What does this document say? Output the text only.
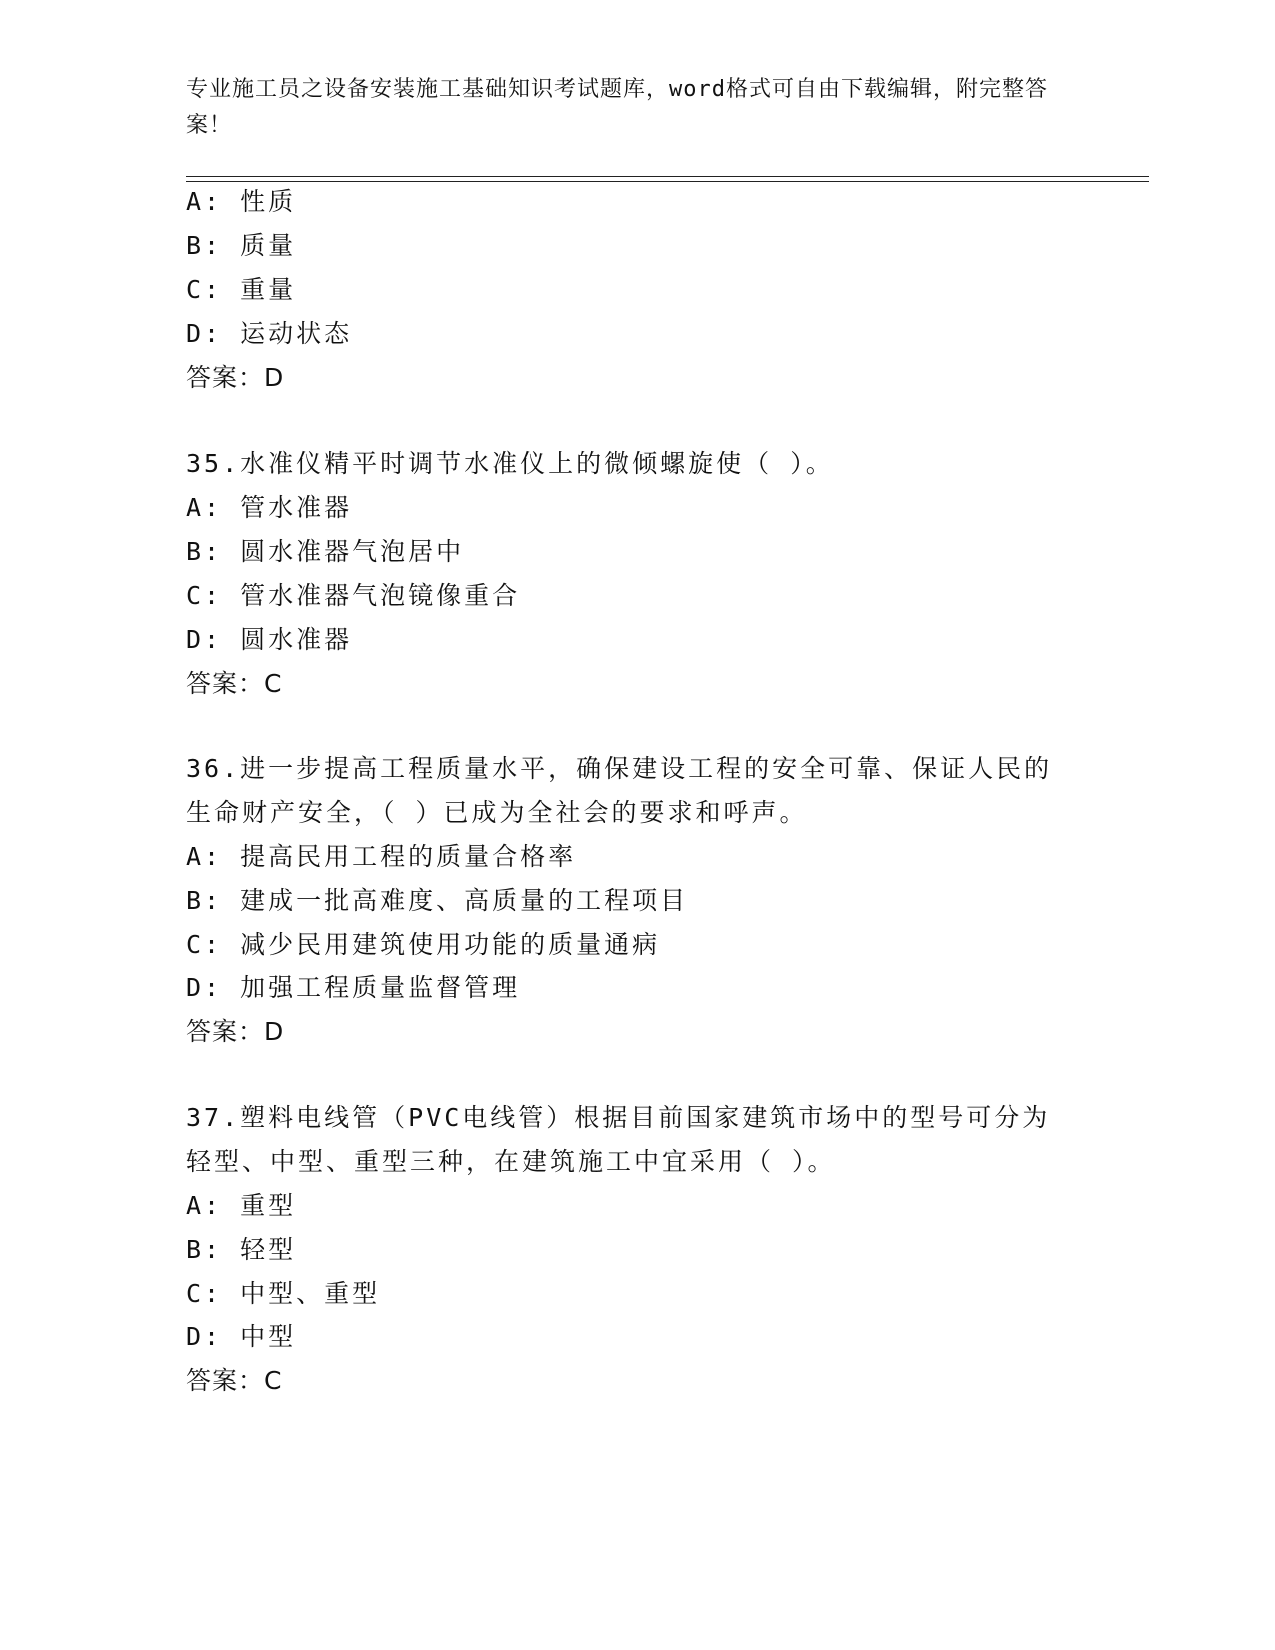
专业施工员之设备安装施工基础知识考试题库，word格式可自由下载编辑，附完整答案！
A: 性质
B: 质量
C: 重量
D: 运动状态
答案：D
35.水准仪精平时调节水准仪上的微倾螺旋使（ ）。
A: 管水准器
B: 圆水准器气泡居中
C: 管水准器气泡镜像重合
D: 圆水准器
答案：C
36.进一步提高工程质量水平，确保建设工程的安全可靠、保证人民的
生命财产安全，（ ）已成为全社会的要求和呼声。
A: 提高民用工程的质量合格率
B: 建成一批高难度、高质量的工程项目
C: 减少民用建筑使用功能的质量通病
D: 加强工程质量监督管理
答案：D
37.塑料电线管（PVC电线管）根据目前国家建筑市场中的型号可分为
轻型、中型、重型三种，在建筑施工中宜采用（ ）。
A: 重型
B: 轻型
C: 中型、重型
D: 中型
答案：C
